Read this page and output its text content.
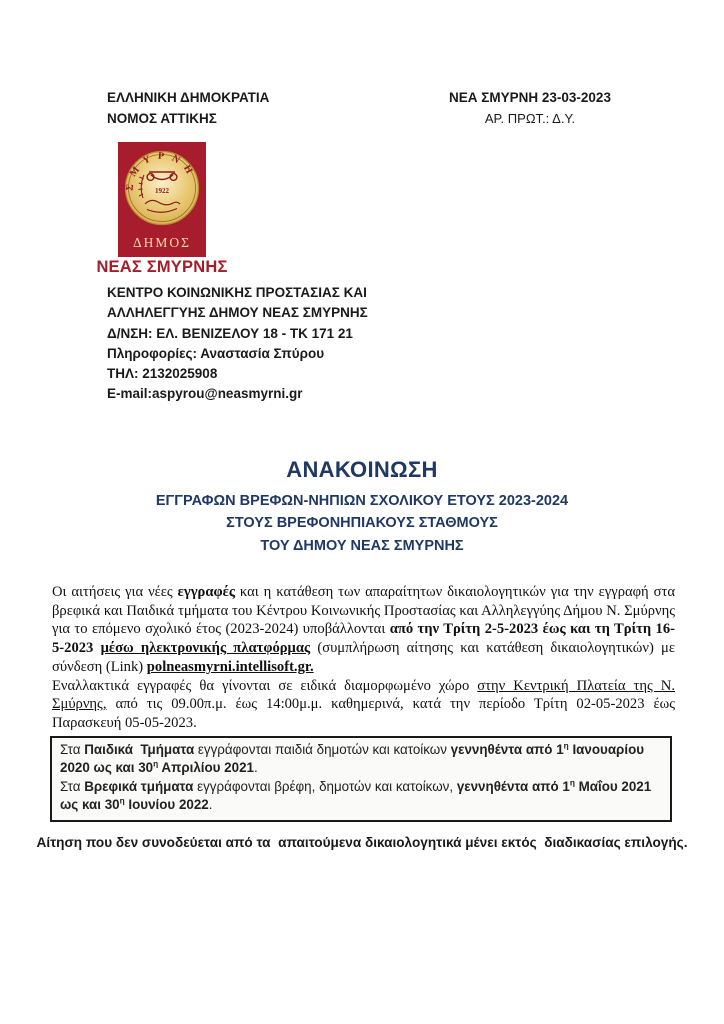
ΕΛΛΗΝΙΚΗ ΔΗΜΟΚΡΑΤΙΑ
ΝΟΜΟΣ ΑΤΤΙΚΗΣ
ΝΕΑ ΣΜΥΡΝΗ 23-03-2023
ΑΡ. ΠΡΩΤ.: Δ.Υ.
ΣΜΥΡΝΗ
1922
ΔΗΜΟΣ
ΝΕΑΣ ΣΜΥΡΝΗΣ
ΚΕΝΤΡΟ ΚΟΙΝΩΝΙΚΗΣ ΠΡΟΣΤΑΣΙΑΣ ΚΑΙ
ΑΛΛΗΛΕΓΓΥΗΣ ΔΗΜΟΥ ΝΕΑΣ ΣΜΥΡΝΗΣ
Δ/ΝΣΗ: ΕΛ. ΒΕΝΙΖΕΛΟΥ 18 - ΤΚ 171 21
Πληροφορίες: Αναστασία Σπύρου
ΤΗΛ: 2132025908
E-mail:aspyrou@neasmyrni.gr
ΑΝΑΚΟΙΝΩΣΗ
ΕΓΓΡΑΦΩΝ ΒΡΕΦΩΝ-ΝΗΠΙΩΝ ΣΧΟΛΙΚΟΥ ΕΤΟΥΣ 2023-2024
ΣΤΟΥΣ ΒΡΕΦΟΝΗΠΙΑΚΟΥΣ ΣΤΑΘΜΟΥΣ
ΤΟΥ ΔΗΜΟΥ ΝΕΑΣ ΣΜΥΡΝΗΣ
Οι αιτήσεις για νέες εγγραφές και η κατάθεση των απαραίτητων δικαιολογητικών για την εγγραφή στα βρεφικά και Παιδικά τμήματα του Κέντρου Κοινωνικής Προστασίας και Αλληλεγγύης Δήμου Ν. Σμύρνης για το επόμενο σχολικό έτος (2023-2024) υποβάλλονται από την Τρίτη 2-5-2023 έως και τη Τρίτη 16-5-2023 μέσω ηλεκτρονικής πλατφόρμας (συμπλήρωση αίτησης και κατάθεση δικαιολογητικών) με σύνδεση (Link) polneasmyrni.intellisoft.gr.
Εναλλακτικά εγγραφές θα γίνονται σε ειδικά διαμορφωμένο χώρο στην Κεντρική Πλατεία της Ν. Σμύρνης, από τις 09.00π.μ. έως 14:00μ.μ. καθημερινά, κατά την περίοδο Τρίτη 02-05-2023 έως Παρασκευή 05-05-2023.
Στα Παιδικά  Τμήματα εγγράφονται παιδιά δημοτών και κατοίκων γεννηθέντα από $1^\eta$ Ιανουαρίου 2020 ως και $30^\eta$ Απριλίου 2021.
Στα Βρεφικά τμήματα εγγράφονται βρέφη, δημοτών και κατοίκων, γεννηθέντα από $1^\eta$ Μαΐου 2021 ως και $30^\eta$ Ιουνίου 2022.
Αίτηση που δεν συνοδεύεται από τα  απαιτούμενα δικαιολογητικά μένει εκτός  διαδικασίας επιλογής.
